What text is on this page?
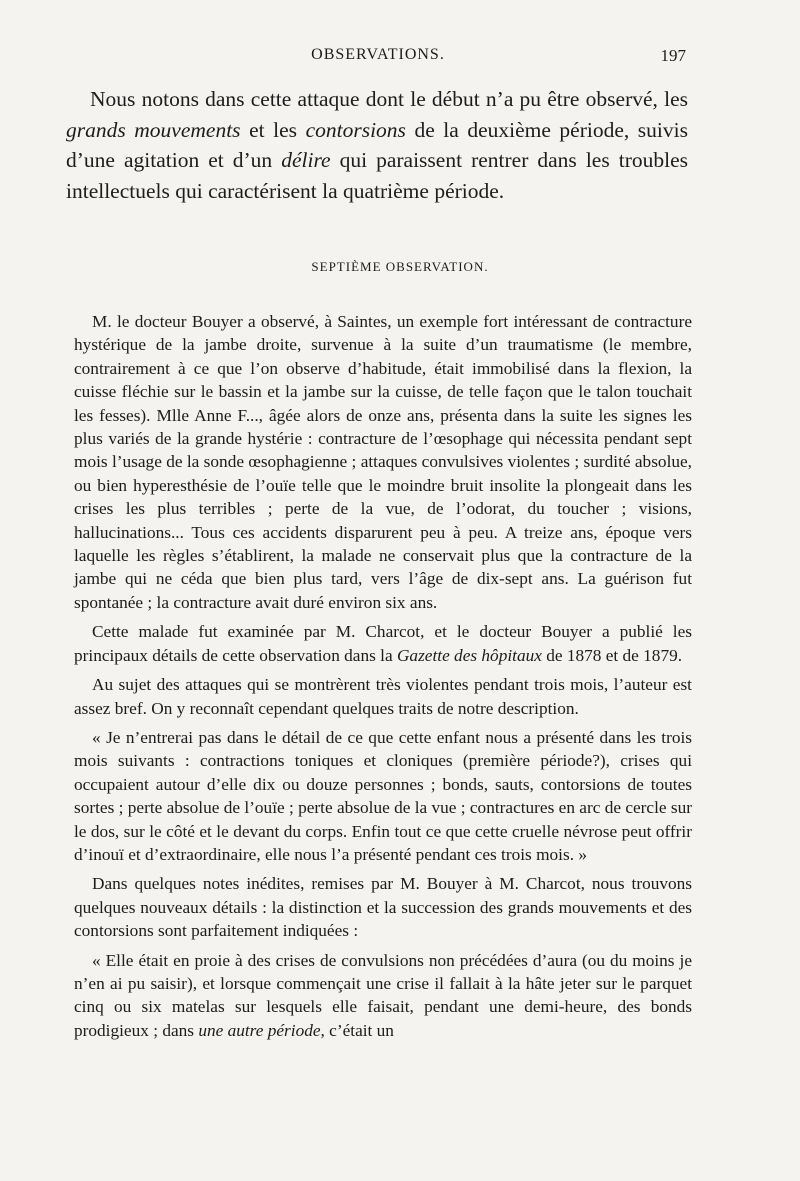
OBSERVATIONS.	197

Nous notons dans cette attaque dont le début n’a pu être observé, les grands mouvements et les contorsions de la deuxième période, suivis d’une agitation et d’un délire qui paraissent rentrer dans les troubles intellectuels qui caractérisent la quatrième période.

SEPTIÈME OBSERVATION.

M. le docteur Bouyer a observé, à Saintes, un exemple fort intéressant de contracture hystérique de la jambe droite, survenue à la suite d’un traumatisme (le membre, contrairement à ce que l’on observe d’habitude, était immobilisé dans la flexion, la cuisse fléchie sur le bassin et la jambe sur la cuisse, de telle façon que le talon touchait les fesses). Mlle Anne F..., âgée alors de onze ans, présenta dans la suite les signes les plus variés de la grande hystérie : contracture de l’œsophage qui nécessita pendant sept mois l’usage de la sonde œsophagienne ; attaques convulsives violentes ; surdité absolue, ou bien hyperesthésie de l’ouïe telle que le moindre bruit insolite la plongeait dans les crises les plus terribles ; perte de la vue, de l’odorat, du toucher ; visions, hallucinations... Tous ces accidents disparurent peu à peu. A treize ans, époque vers laquelle les règles s’établirent, la malade ne conservait plus que la contracture de la jambe qui ne céda que bien plus tard, vers l’âge de dix-sept ans. La guérison fut spontanée ; la contracture avait duré environ six ans.

Cette malade fut examinée par M. Charcot, et le docteur Bouyer a publié les principaux détails de cette observation dans la Gazette des hôpitaux de 1878 et de 1879.

Au sujet des attaques qui se montrèrent très violentes pendant trois mois, l’auteur est assez bref. On y reconnaît cependant quelques traits de notre description.

« Je n’entrerai pas dans le détail de ce que cette enfant nous a présenté dans les trois mois suivants : contractions toniques et cloniques (première période?), crises qui occupaient autour d’elle dix ou douze personnes ; bonds, sauts, contorsions de toutes sortes ; perte absolue de l’ouïe ; perte absolue de la vue ; contractures en arc de cercle sur le dos, sur le côté et le devant du corps. Enfin tout ce que cette cruelle névrose peut offrir d’inouï et d’extraordinaire, elle nous l’a présenté pendant ces trois mois. »

Dans quelques notes inédites, remises par M. Bouyer à M. Charcot, nous trouvons quelques nouveaux détails : la distinction et la succession des grands mouvements et des contorsions sont parfaitement indiquées :

« Elle était en proie à des crises de convulsions non précédées d’aura (ou du moins je n’en ai pu saisir), et lorsque commençait une crise il fallait à la hâte jeter sur le parquet cinq ou six matelas sur lesquels elle faisait, pendant une demi-heure, des bonds prodigieux ; dans une autre période, c’était un
